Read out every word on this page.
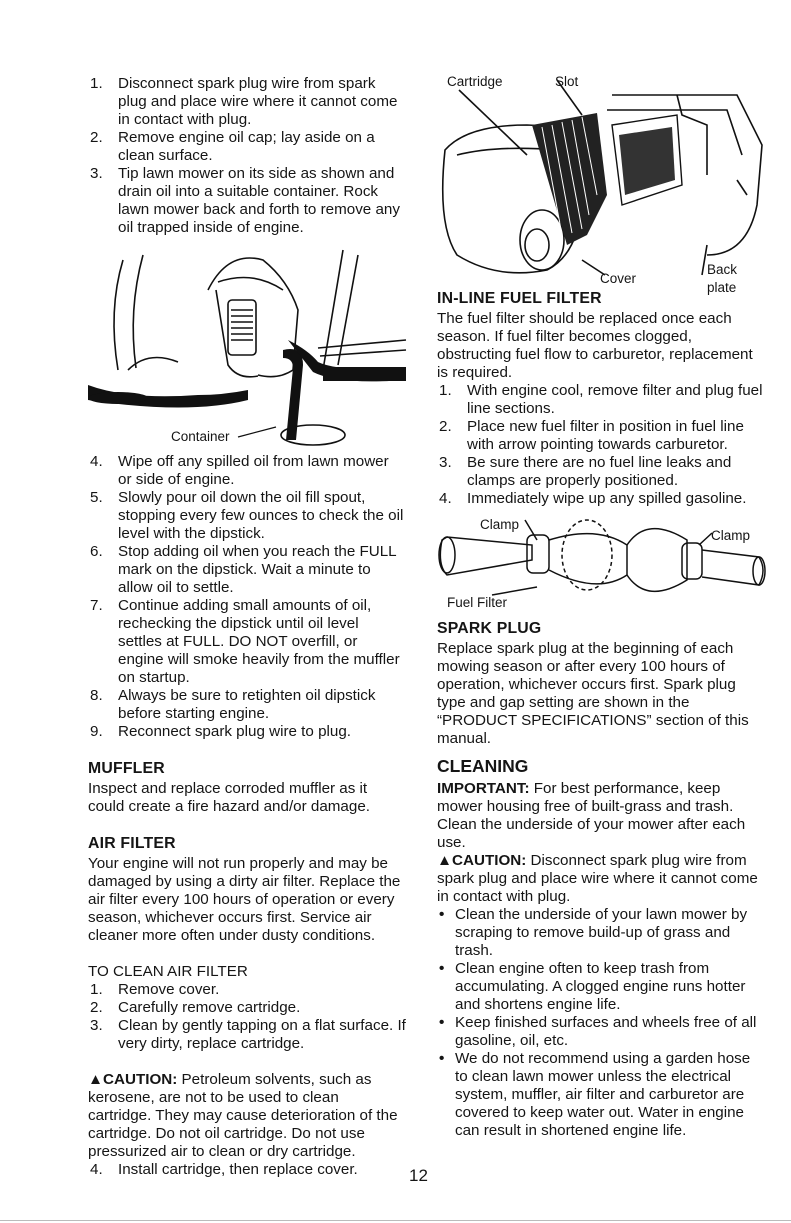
1. Disconnect spark plug wire from spark plug and place wire where it cannot come in contact with plug.
2. Remove engine oil cap; lay aside on a clean surface.
3. Tip lawn mower on its side as shown and drain oil into a suitable container. Rock lawn mower back and forth to remove any oil trapped inside of engine.
Container
4. Wipe off any spilled oil from lawn mower or side of engine.
5. Slowly pour oil down the oil fill spout, stopping every few ounces to check the oil level with the dipstick.
6. Stop adding oil when you reach the FULL mark on the dipstick. Wait a minute to allow oil to settle.
7. Continue adding small amounts of oil, rechecking the dipstick until oil level settles at FULL. DO NOT overfill, or engine will smoke heavily from the muffler on startup.
8. Always be sure to retighten oil dipstick before starting engine.
9. Reconnect spark plug wire to plug.
MUFFLER

Inspect and replace corroded muffler as it could create a fire hazard and/or damage.

AIR FILTER

Your engine will not run properly and may be damaged by using a dirty air filter. Replace the air filter every 100 hours of operation or every season, whichever occurs first. Service air cleaner more often under dusty conditions.

TO CLEAN AIR FILTER

1. Remove cover.
2. Carefully remove cartridge.
3. Clean by gently tapping on a flat surface. If very dirty, replace cartridge.

▲CAUTION: Petroleum solvents, such as kerosene, are not to be used to clean cartridge. They may cause deterioration of the cartridge. Do not oil cartridge. Do not use pressurized air to clean or dry cartridge.

4. Install cartridge, then replace cover.	12
Cartridge	Slot
Cover
Back plate
IN-LINE FUEL FILTER

The fuel filter should be replaced once each season. If fuel filter becomes clogged, obstructing fuel flow to carburetor, replacement is required.

1. With engine cool, remove filter and plug fuel line sections.
2. Place new fuel filter in position in fuel line with arrow pointing towards carburetor.
3. Be sure there are no fuel line leaks and clamps are properly positioned.
4. Immediately wipe up any spilled gasoline.
Clamp
Clamp
Fuel Filter
SPARK PLUG

Replace spark plug at the beginning of each mowing season or after every 100 hours of operation, whichever occurs first. Spark plug type and gap setting are shown in the “PRODUCT SPECIFICATIONS” section of this manual.

CLEANING

IMPORTANT: For best performance, keep mower housing free of built-grass and trash. Clean the underside of your mower after each use.

▲CAUTION: Disconnect spark plug wire from spark plug and place wire where it cannot come in contact with plug.

• Clean the underside of your lawn mower by scraping to remove build-up of grass and trash.
• Clean engine often to keep trash from accumulating. A clogged engine runs hotter and shortens engine life.
• Keep finished surfaces and wheels free of all gasoline, oil, etc.
• We do not recommend using a garden hose to clean lawn mower unless the electrical system, muffler, air filter and carburetor are covered to keep water out. Water in engine can result in shortened engine life.
